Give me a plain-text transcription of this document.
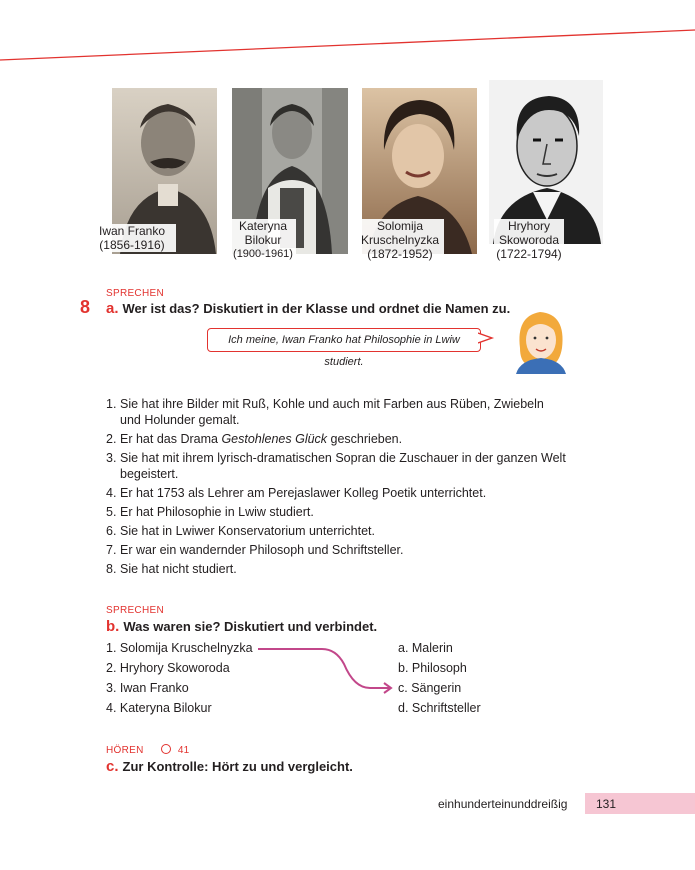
Iwan Franko
(1856-1916)
Kateryna
Bilokur
(1900-1961)
Solomija
Kruschelnyzka
(1872-1952)
Hryhory
Skoworoda
(1722-1794)
SPRECHEN
8 a. Wer ist das? Diskutiert in der Klasse und ordnet die Namen zu.
Ich meine, Iwan Franko hat Philosophie in Lwiw studiert.
1. Sie hat ihre Bilder mit Ruß, Kohle und auch mit Farben aus Rüben, Zwiebeln und Holunder gemalt.
2. Er hat das Drama Gestohlenes Glück geschrieben.
3. Sie hat mit ihrem lyrisch-dramatischen Sopran die Zuschauer in der ganzen Welt begeistert.
4. Er hat 1753 als Lehrer am Perejaslawer Kolleg Poetik unterrichtet.
5. Er hat Philosophie in Lwiw studiert.
6. Sie hat in Lwiwer Konservatorium unterrichtet.
7. Er war ein wandernder Philosoph und Schriftsteller.
8. Sie hat nicht studiert.
SPRECHEN
b. Was waren sie? Diskutiert und verbindet.
1. Solomija Kruschelnyzka
2. Hryhory Skoworoda
3. Iwan Franko
4. Kateryna Bilokur
a. Malerin
b. Philosoph
c. Sängerin
d. Schriftsteller
HÖREN	41
c. Zur Kontrolle: Hört zu und vergleicht.
einhunderteinunddreißig 131
